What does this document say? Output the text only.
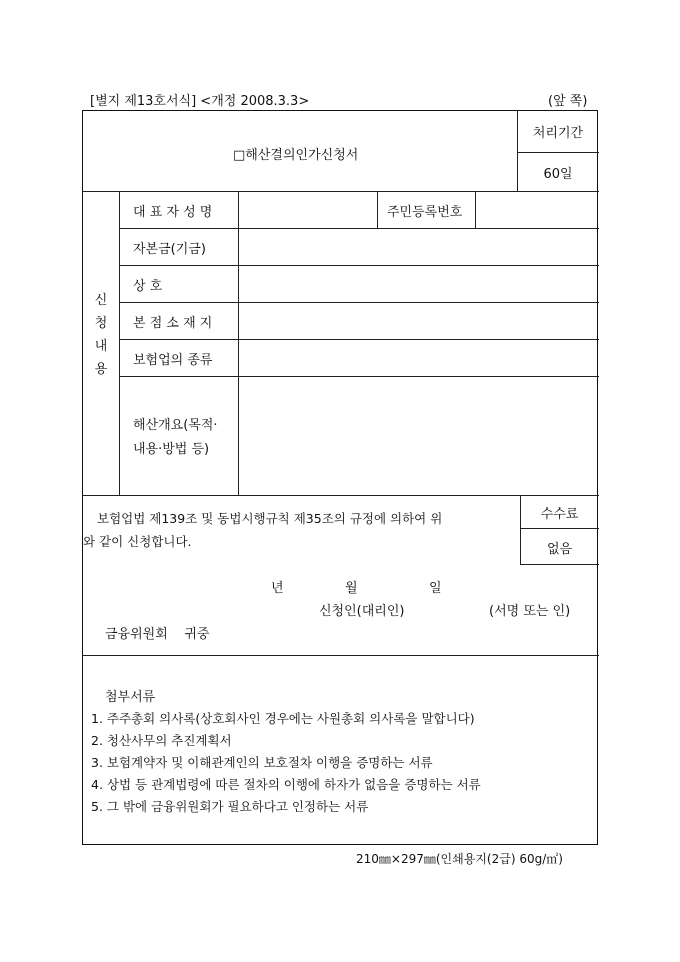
[별지 제13호서식] <개정 2008.3.3>	(앞 쪽)
□해산결의인가신청서
처리기간
60일
신
청
내
용
대 표 자 성 명	주민등록번호
자본금(기금)
상 호
본 점 소 재 지
보험업의 종류
해산개요(목적·
내용·방법 등)
수수료
없음
보험업법 제139조 및 동법시행규칙 제35조의 규정에 의하여 위
와 같이 신청합니다.
년	월	일
신청인(대리인)	(서명 또는 인)
금융위원회    귀중
첨부서류
1. 주주총회 의사록(상호회사인 경우에는 사원총회 의사록을 말합니다)
2. 청산사무의 추진계획서
3. 보험계약자 및 이해관계인의 보호절차 이행을 증명하는 서류
4. 상법 등 관계법령에 따른 절차의 이행에 하자가 없음을 증명하는 서류
5. 그 밖에 금융위원회가 필요하다고 인정하는 서류
210㎜×297㎜(인쇄용지(2급) 60g/㎡)
